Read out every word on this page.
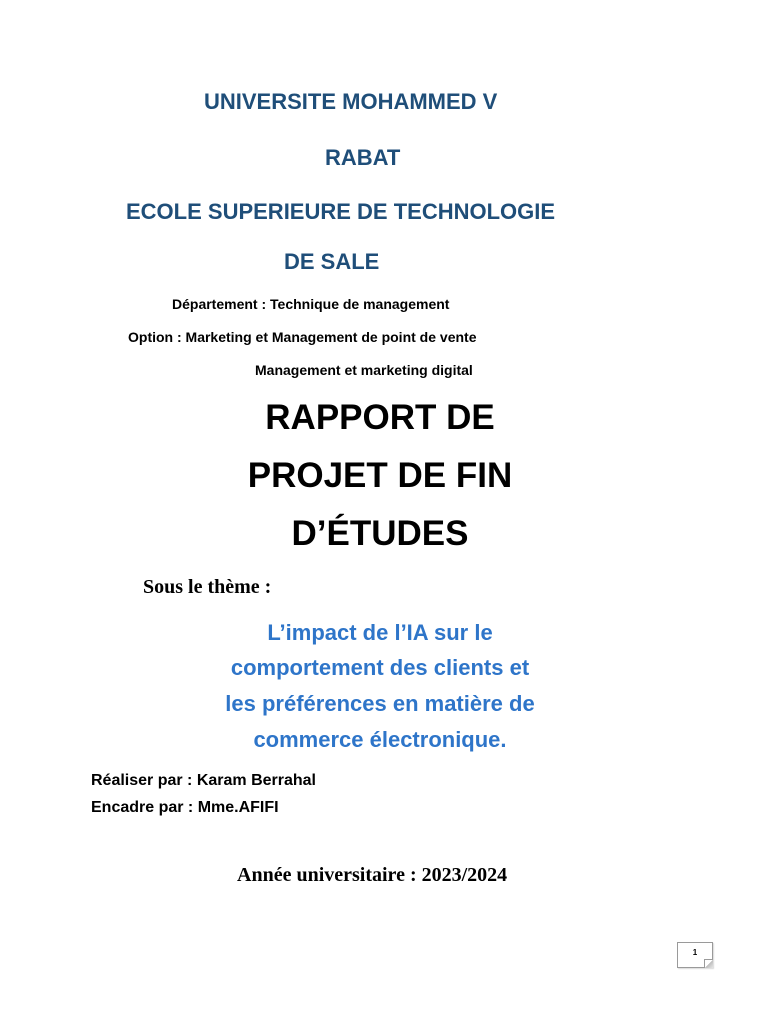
UNIVERSITE MOHAMMED V
RABAT
ECOLE SUPERIEURE DE TECHNOLOGIE
DE SALE
Département : Technique de management
Option : Marketing et Management de point de vente
Management et marketing digital
RAPPORT DE
PROJET DE FIN
D’ÉTUDES
Sous le thème :
L’impact de l’IA sur le
comportement des clients et
les préférences en matière de
commerce électronique.
Réaliser par : Karam Berrahal
Encadre par : Mme.AFIFI
Année universitaire : 2023/2024
1
